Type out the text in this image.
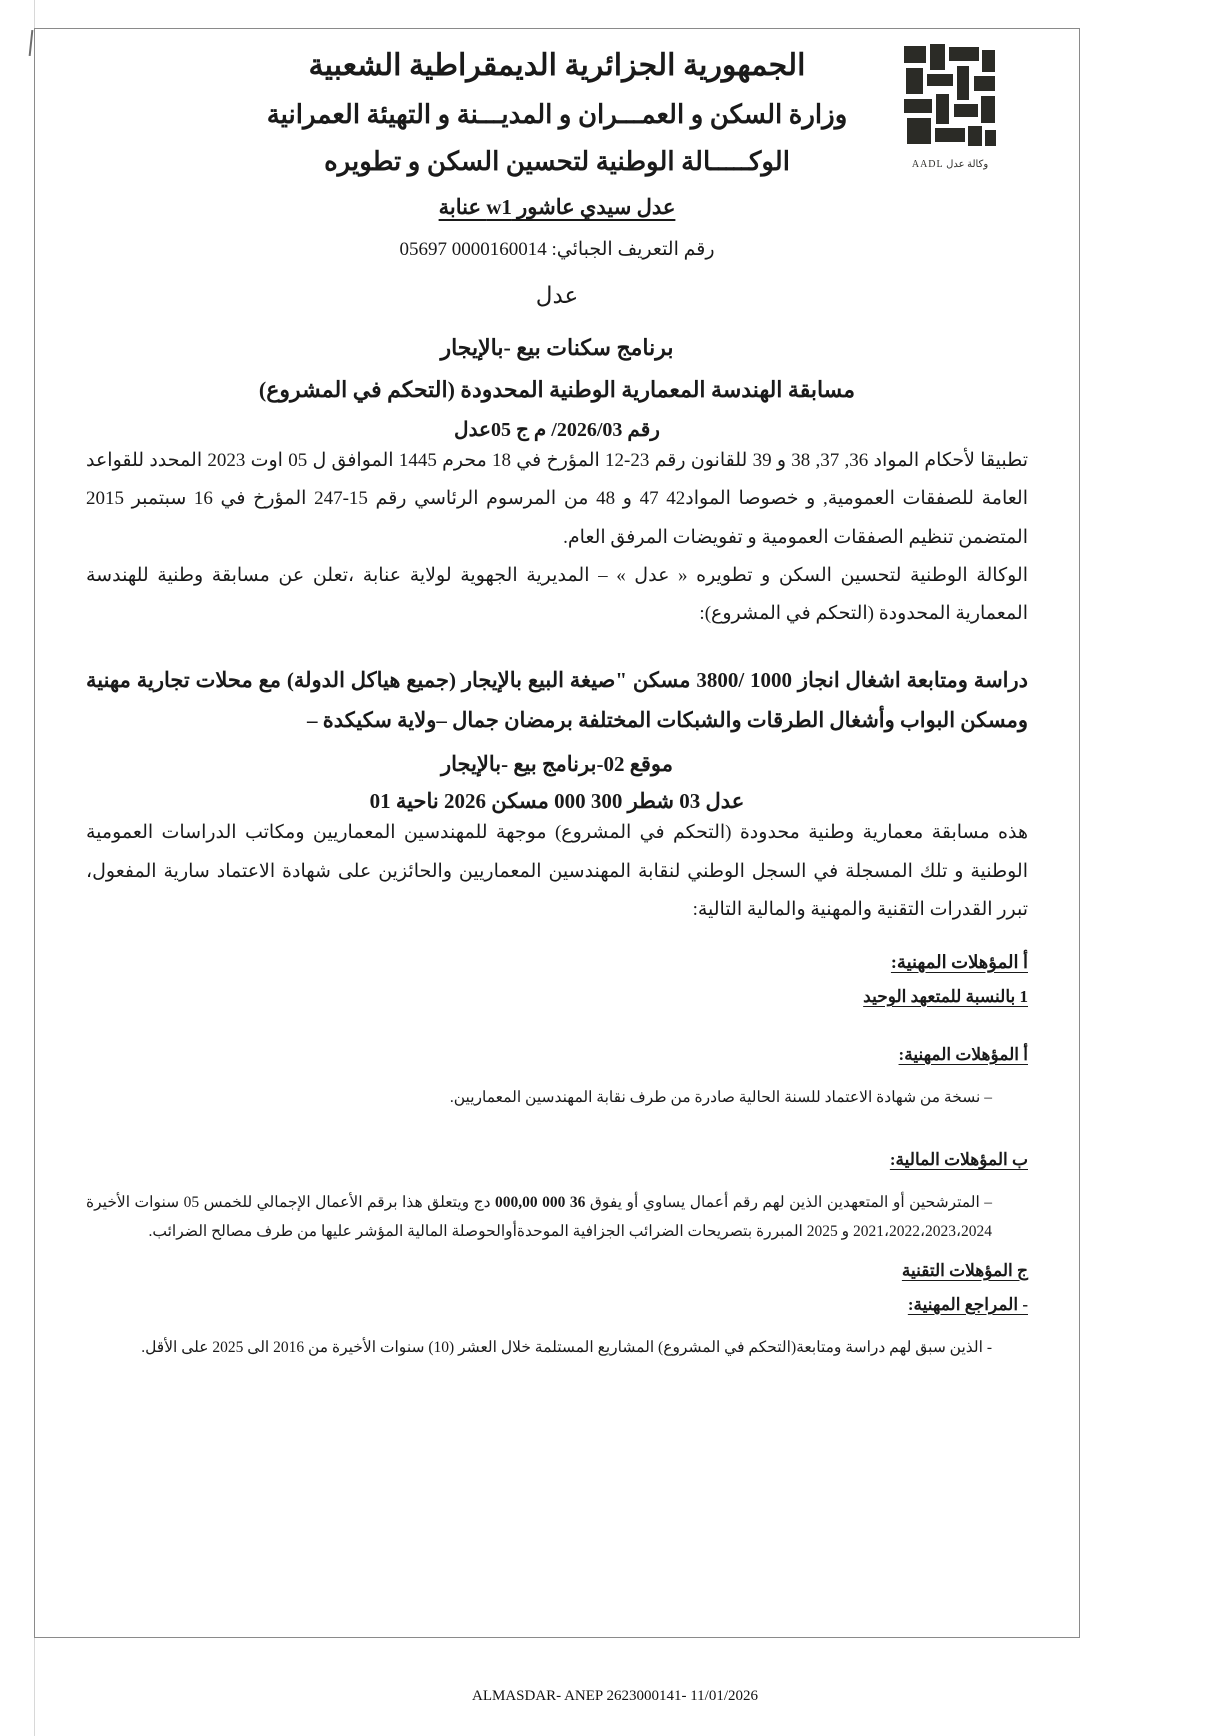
وكالة عدل AADL
الجمهورية الجزائرية الديمقراطية الشعبية
وزارة السكن و العمـــران و المديـــنة و التهيئة العمرانية
الوكـــــالة الوطنية لتحسين السكن و تطويره
عدل سيدي عاشور w1 عنابة
رقم التعريف الجبائي: 0000160014 05697
عدل
برنامج سكنات بيع -بالإيجار
مسابقة الهندسة المعمارية الوطنية المحدودة (التحكم في المشروع)
رقم 2026/03/ م ج 05عدل

تطبيقا لأحكام المواد 36, 37, 38 و 39 للقانون رقم 23-12 المؤرخ في 18 محرم 1445 الموافق ل 05 اوت 2023 المحدد للقواعد العامة للصفقات العمومية, و خصوصا المواد42 47 و 48 من المرسوم الرئاسي رقم 15-247 المؤرخ في 16 سبتمبر 2015 المتضمن تنظيم الصفقات العمومية و تفويضات المرفق العام.

الوكالة الوطنية لتحسين السكن و تطويره « عدل » – المديرية الجهوية لولاية عنابة ،تعلن عن مسابقة وطنية للهندسة المعمارية المحدودة (التحكم في المشروع):

دراسة ومتابعة اشغال انجاز 1000 /3800 مسكن "صيغة البيع بالإيجار (جميع هياكل الدولة) مع محلات تجارية مهنية ومسكن البواب وأشغال الطرقات والشبكات المختلفة برمضان جمال –ولاية سكيكدة –
موقع 02-برنامج بيع -بالإيجار
عدل 03 شطر 300 000 مسكن 2026 ناحية 01

هذه مسابقة معمارية وطنية محدودة (التحكم في المشروع) موجهة للمهندسين المعماريين ومكاتب الدراسات العمومية الوطنية و تلك المسجلة في السجل الوطني لنقابة المهندسين المعماريين والحائزين على شهادة الاعتماد سارية المفعول، تبرر القدرات التقنية والمهنية والمالية التالية:

أ المؤهلات المهنية:
1 بالنسبة للمتعهد الوحيد
أ المؤهلات المهنية:
– نسخة من شهادة الاعتماد للسنة الحالية صادرة من طرف نقابة المهندسين المعماريين.
ب المؤهلات المالية:
– المترشحين أو المتعهدين الذين لهم رقم أعمال يساوي أو يفوق 36 000 000,00 دج ويتعلق هذا برقم الأعمال الإجمالي للخمس 05 سنوات الأخيرة 2021،2022،2023،2024 و 2025 المبررة بتصريحات الضرائب الجزافية الموحدةأوالحوصلة المالية المؤشر عليها من طرف مصالح الضرائب.
ج المؤهلات التقنية
- المراجع المهنية:
- الذين سبق لهم دراسة ومتابعة(التحكم في المشروع) المشاريع المستلمة خلال العشر (10) سنوات الأخيرة من 2016 الى 2025 على الأقل.
ALMASDAR- ANEP 2623000141- 11/01/2026
